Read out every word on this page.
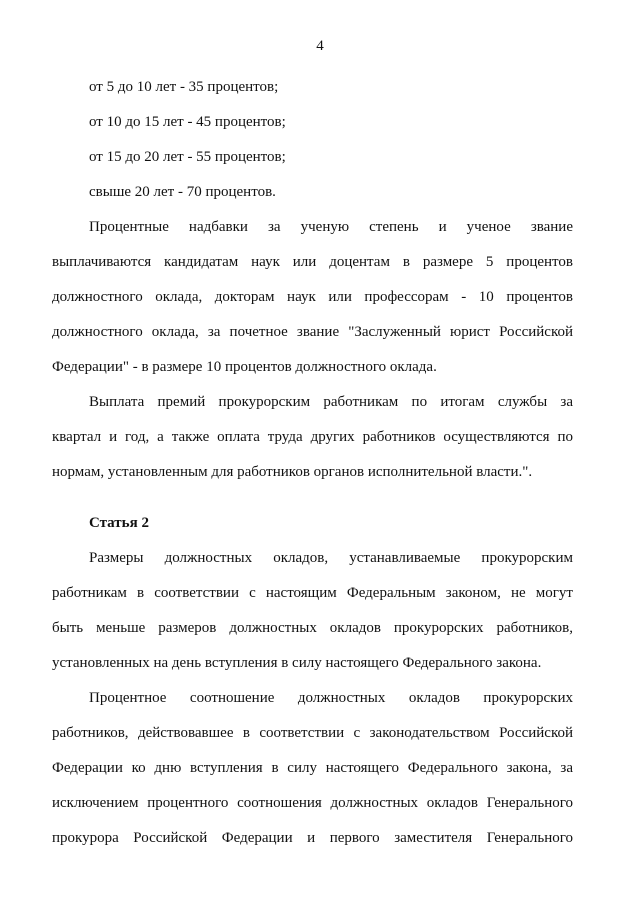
4
от 5 до 10 лет - 35 процентов;
от 10 до 15 лет - 45 процентов;
от 15 до 20 лет - 55 процентов;
свыше 20 лет - 70 процентов.
Процентные надбавки за ученую степень и ученое звание
выплачиваются кандидатам наук или доцентам в размере 5 процентов
должностного оклада, докторам наук или профессорам - 10 процентов
должностного оклада, за почетное звание "Заслуженный юрист Российской
Федерации" - в размере 10 процентов должностного оклада.
Выплата премий прокурорским работникам по итогам службы за
квартал и год, а также оплата труда других работников осуществляются по
нормам, установленным для работников органов исполнительной власти.".
Статья 2
Размеры должностных окладов, устанавливаемые прокурорским
работникам в соответствии с настоящим Федеральным законом, не могут
быть меньше размеров должностных окладов прокурорских работников,
установленных на день вступления в силу настоящего Федерального закона.
Процентное соотношение должностных окладов прокурорских
работников, действовавшее в соответствии с законодательством Российской
Федерации ко дню вступления в силу настоящего Федерального закона, за
исключением процентного соотношения должностных окладов Генерального
прокурора Российской Федерации и первого заместителя Генерального
